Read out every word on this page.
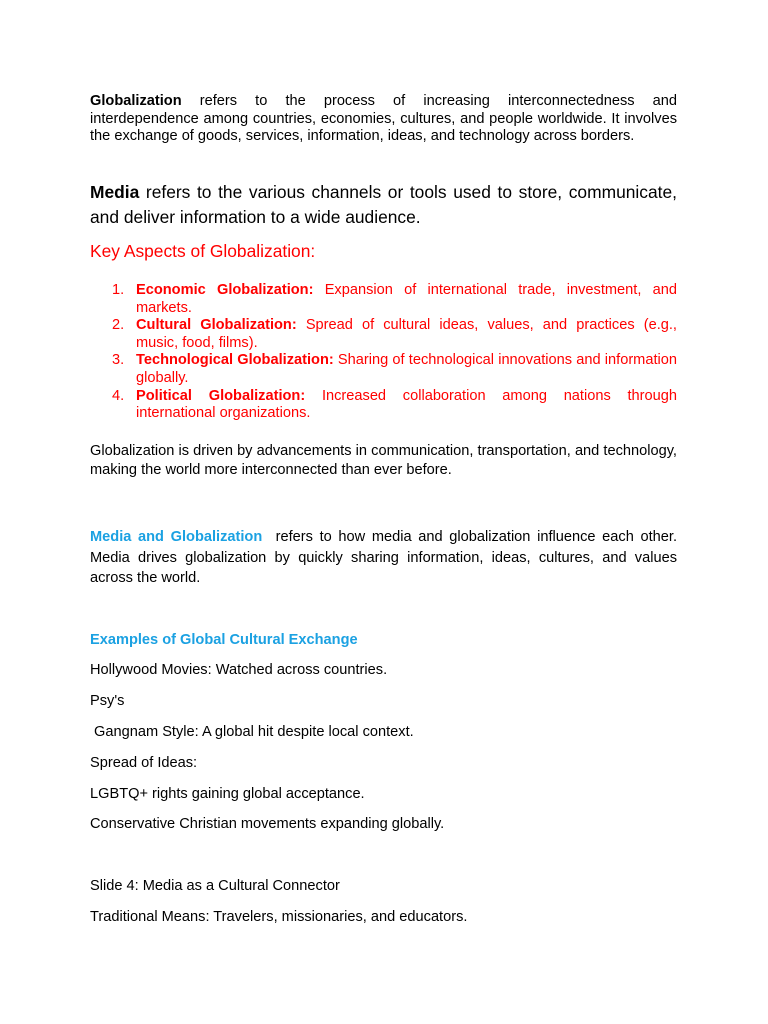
Globalization refers to the process of increasing interconnectedness and interdependence among countries, economies, cultures, and people worldwide. It involves the exchange of goods, services, information, ideas, and technology across borders.

Media refers to the various channels or tools used to store, communicate, and deliver information to a wide audience.

Key Aspects of Globalization:

1. Economic Globalization: Expansion of international trade, investment, and markets.
2. Cultural Globalization: Spread of cultural ideas, values, and practices (e.g., music, food, films).
3. Technological Globalization: Sharing of technological innovations and information globally.
4. Political Globalization: Increased collaboration among nations through international organizations.

Globalization is driven by advancements in communication, transportation, and technology, making the world more interconnected than ever before.

Media and Globalization  refers to how media and globalization influence each other. Media drives globalization by quickly sharing information, ideas, cultures, and values across the world.

Examples of Global Cultural Exchange

Hollywood Movies: Watched across countries.

Psy's

Gangnam Style: A global hit despite local context.

Spread of Ideas:

LGBTQ+ rights gaining global acceptance.

Conservative Christian movements expanding globally.

Slide 4: Media as a Cultural Connector

Traditional Means: Travelers, missionaries, and educators.
